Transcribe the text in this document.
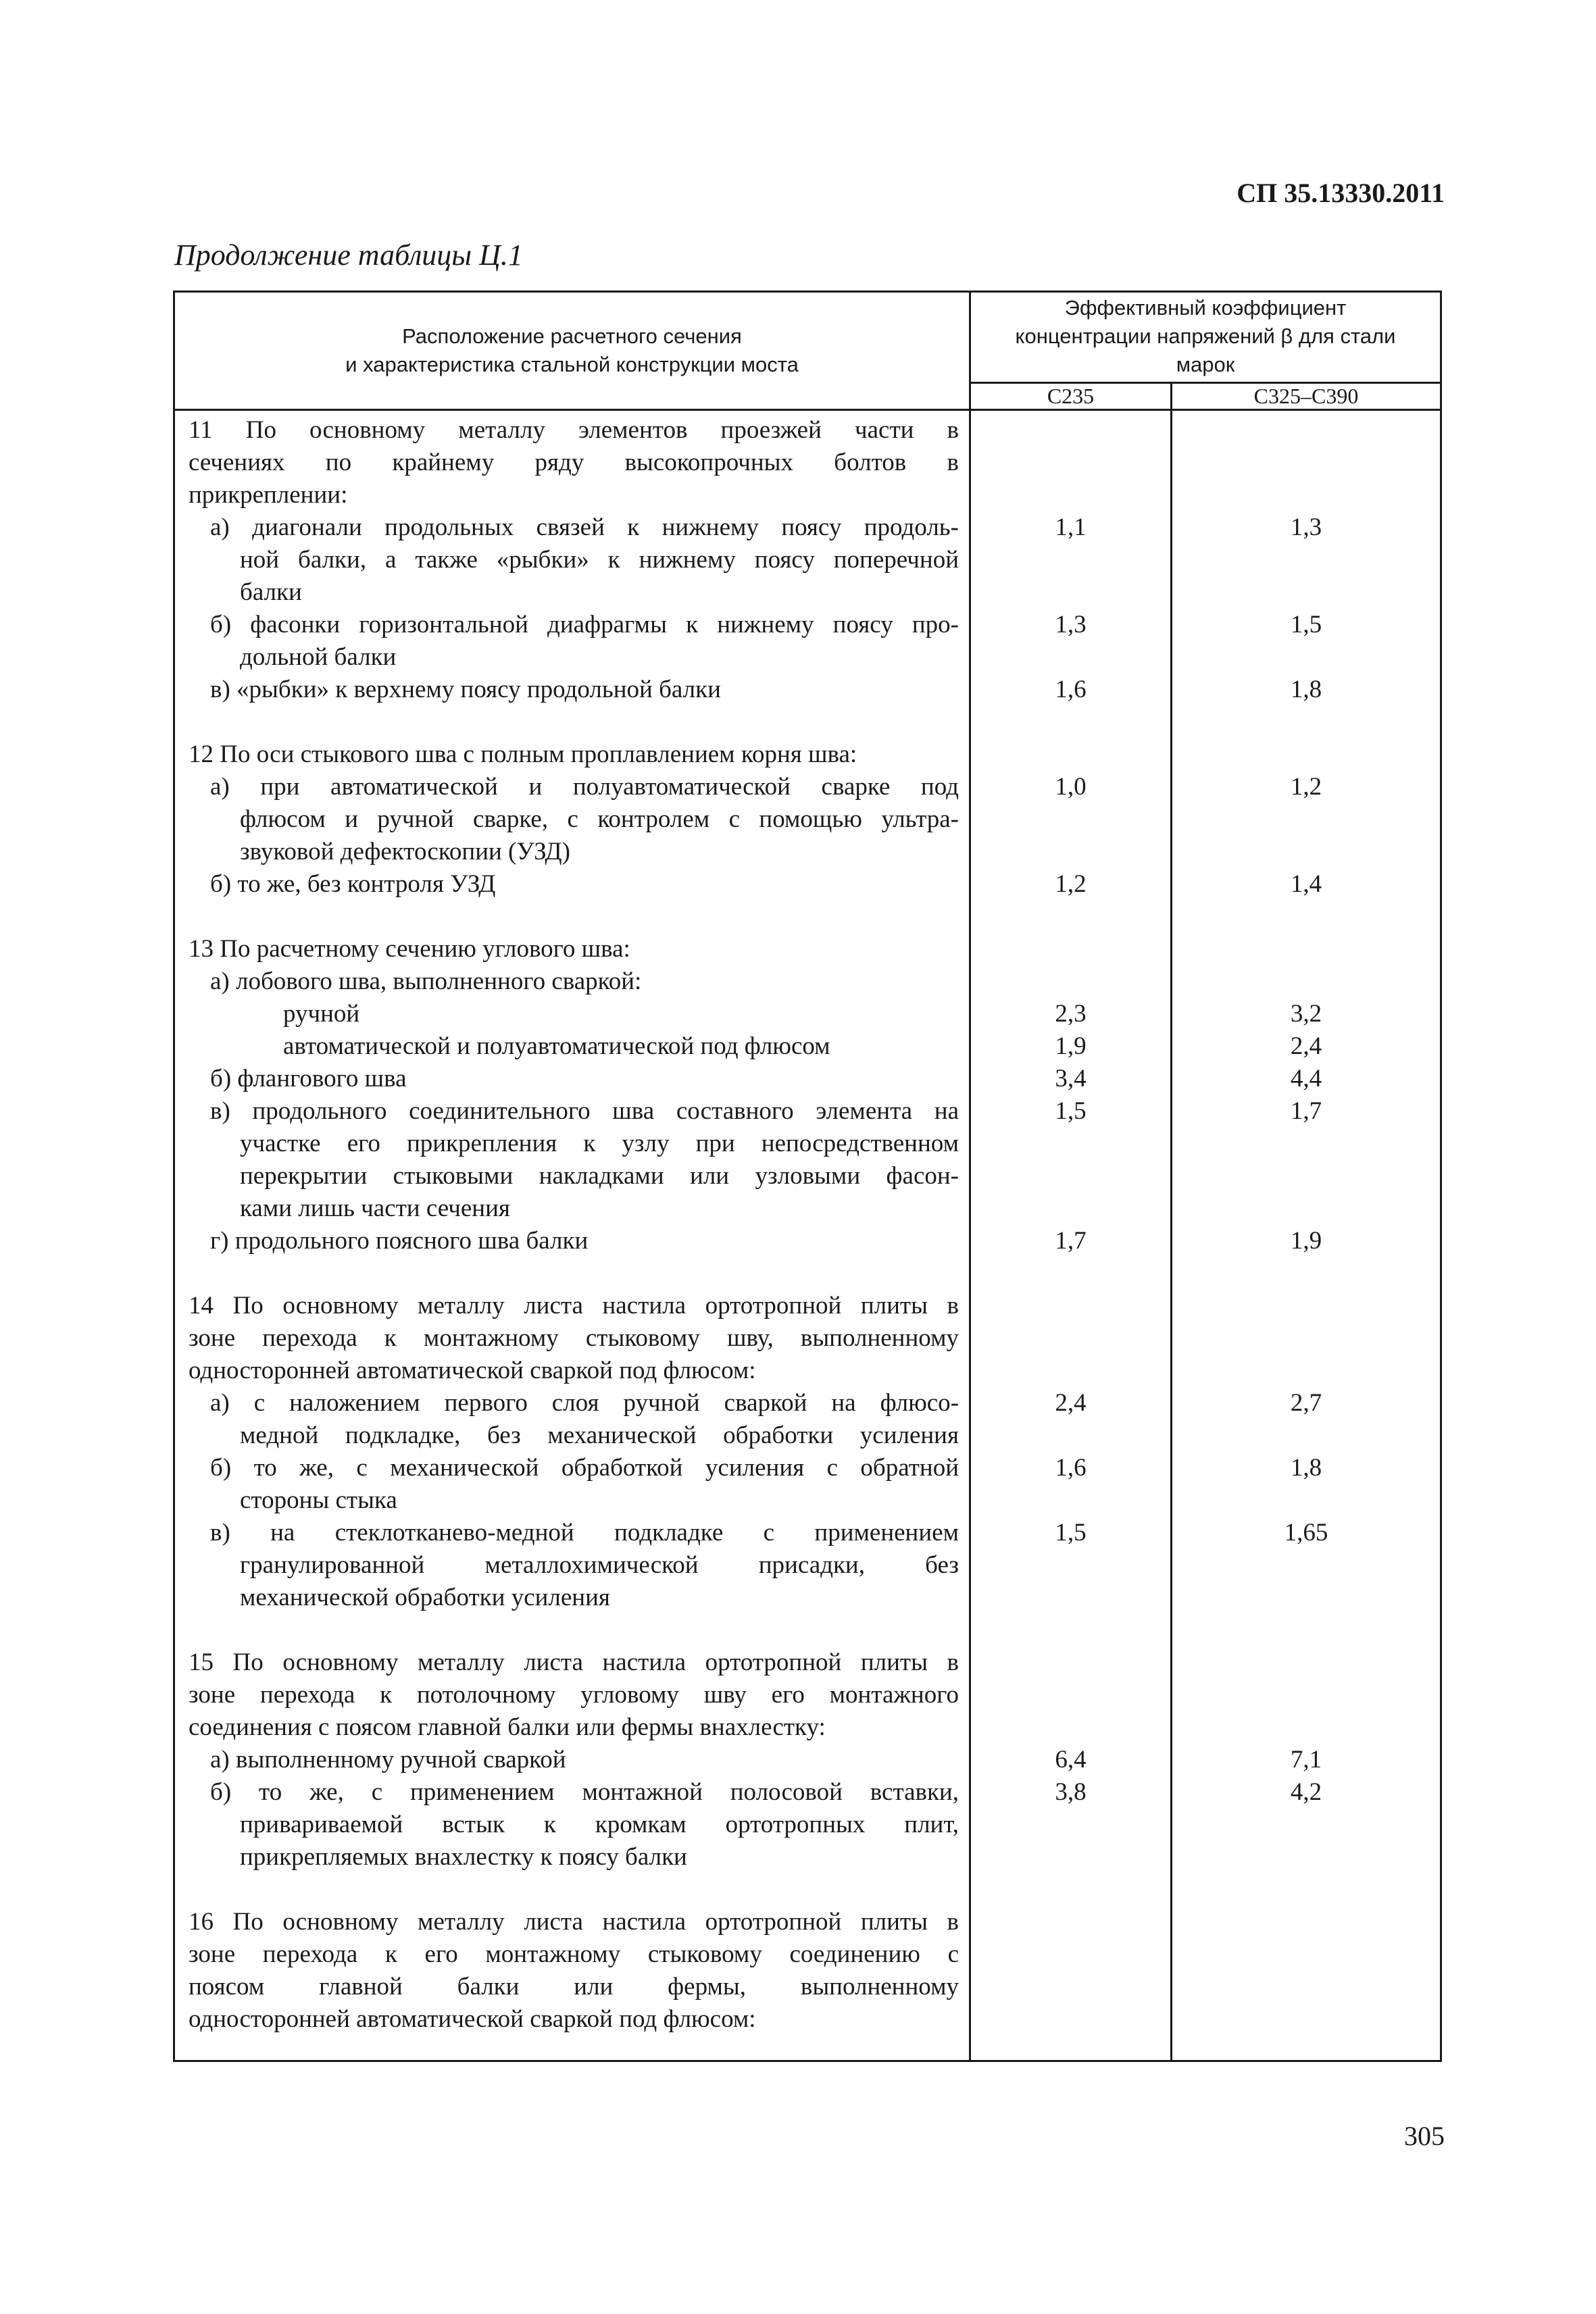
СП 35.13330.2011
Продолжение таблицы Ц.1
Расположение расчетного сечения
и характеристика стальной конструкции моста
Эффективный коэффициент
концентрации напряжений β для стали
марок
С235	С325–С390
11 По основному металлу элементов проезжей части в
сечениях по крайнему ряду высокопрочных болтов в
прикреплении:
а) диагонали продольных связей к нижнему поясу продоль-	1,1	1,3
ной балки, а также «рыбки» к нижнему поясу поперечной
балки
б) фасонки горизонтальной диафрагмы к нижнему поясу про-	1,3	1,5
дольной балки
в) «рыбки» к верхнему поясу продольной балки	1,6	1,8
12 По оси стыкового шва с полным проплавлением корня шва:
а) при автоматической и полуавтоматической сварке под	1,0	1,2
флюсом и ручной сварке, с контролем с помощью ультра-
звуковой дефектоскопии (УЗД)
б) то же, без контроля УЗД	1,2	1,4
13 По расчетному сечению углового шва:
а) лобового шва, выполненного сваркой:
ручной	2,3	3,2
автоматической и полуавтоматической под флюсом	1,9	2,4
б) флангового шва	3,4	4,4
в) продольного соединительного шва составного элемента на	1,5	1,7
участке его прикрепления к узлу при непосредственном
перекрытии стыковыми накладками или узловыми фасон-
ками лишь части сечения
г) продольного поясного шва балки	1,7	1,9
14 По основному металлу листа настила ортотропной плиты в
зоне перехода к монтажному стыковому шву, выполненному
односторонней автоматической сваркой под флюсом:
а) с наложением первого слоя ручной сваркой на флюсо-	2,4	2,7
медной подкладке, без механической обработки усиления
б) то же, с механической обработкой усиления с обратной	1,6	1,8
стороны стыка
в) на стеклотканево-медной подкладке с применением	1,5	1,65
гранулированной металлохимической присадки, без
механической обработки усиления
15 По основному металлу листа настила ортотропной плиты в
зоне перехода к потолочному угловому шву его монтажного
соединения с поясом главной балки или фермы внахлестку:
а) выполненному ручной сваркой	6,4	7,1
б) то же, с применением монтажной полосовой вставки,	3,8	4,2
привариваемой встык к кромкам ортотропных плит,
прикрепляемых внахлестку к поясу балки
16 По основному металлу листа настила ортотропной плиты в
зоне перехода к его монтажному стыковому соединению с
поясом главной балки или фермы, выполненному
односторонней автоматической сваркой под флюсом:
305
